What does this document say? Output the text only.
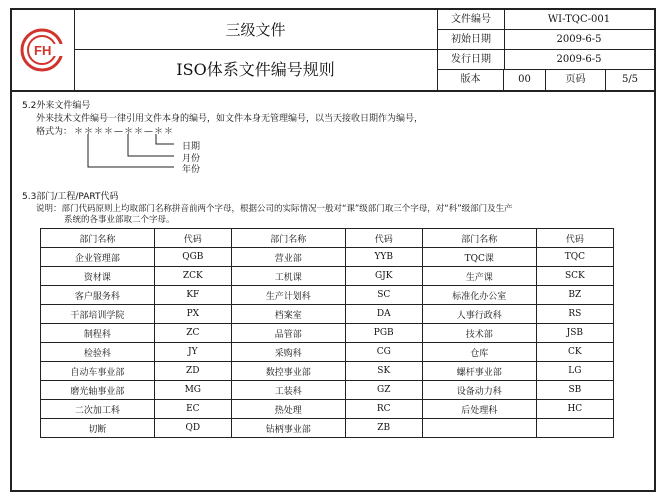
FH
三级文件
ISO体系文件编号规则
文件编号	WI-TQC-001
初始日期	2009-6-5
发行日期	2009-6-5
版本	00	页码	5/5
5.2外来文件编号
外来技术文件编号一律引用文件本身的编号，如文件本身无管理编号，以当天接收日期作为编号，
格式为： ＊＊＊＊—＊＊—＊＊
日期
月份
年份
5.3部门/工程/PART代码
说明：部门代码原则上均取部门名称拼音前两个字母，根据公司的实际情况一般对“课”级部门取三个字母，对“科”级部门及生产
系统的各事业部取二个字母。
部门名称	代码	部门名称	代码	部门名称	代码
企业管理部	QGB	营业部	YYB	TQC课	TQC
资材课	ZCK	工机课	GJK	生产课	SCK
客户服务科	KF	生产计划科	SC	标准化办公室	BZ
干部培训学院	PX	档案室	DA	人事行政科	RS
制程科	ZC	品管部	PGB	技术部	JSB
检验科	JY	采购科	CG	仓库	CK
自动车事业部	ZD	数控事业部	SK	螺杆事业部	LG
磨光轴事业部	MG	工装科	GZ	设备动力科	SB
二次加工科	EC	热处理	RC	后处理科	HC
切断	QD	钻柄事业部	ZB		
